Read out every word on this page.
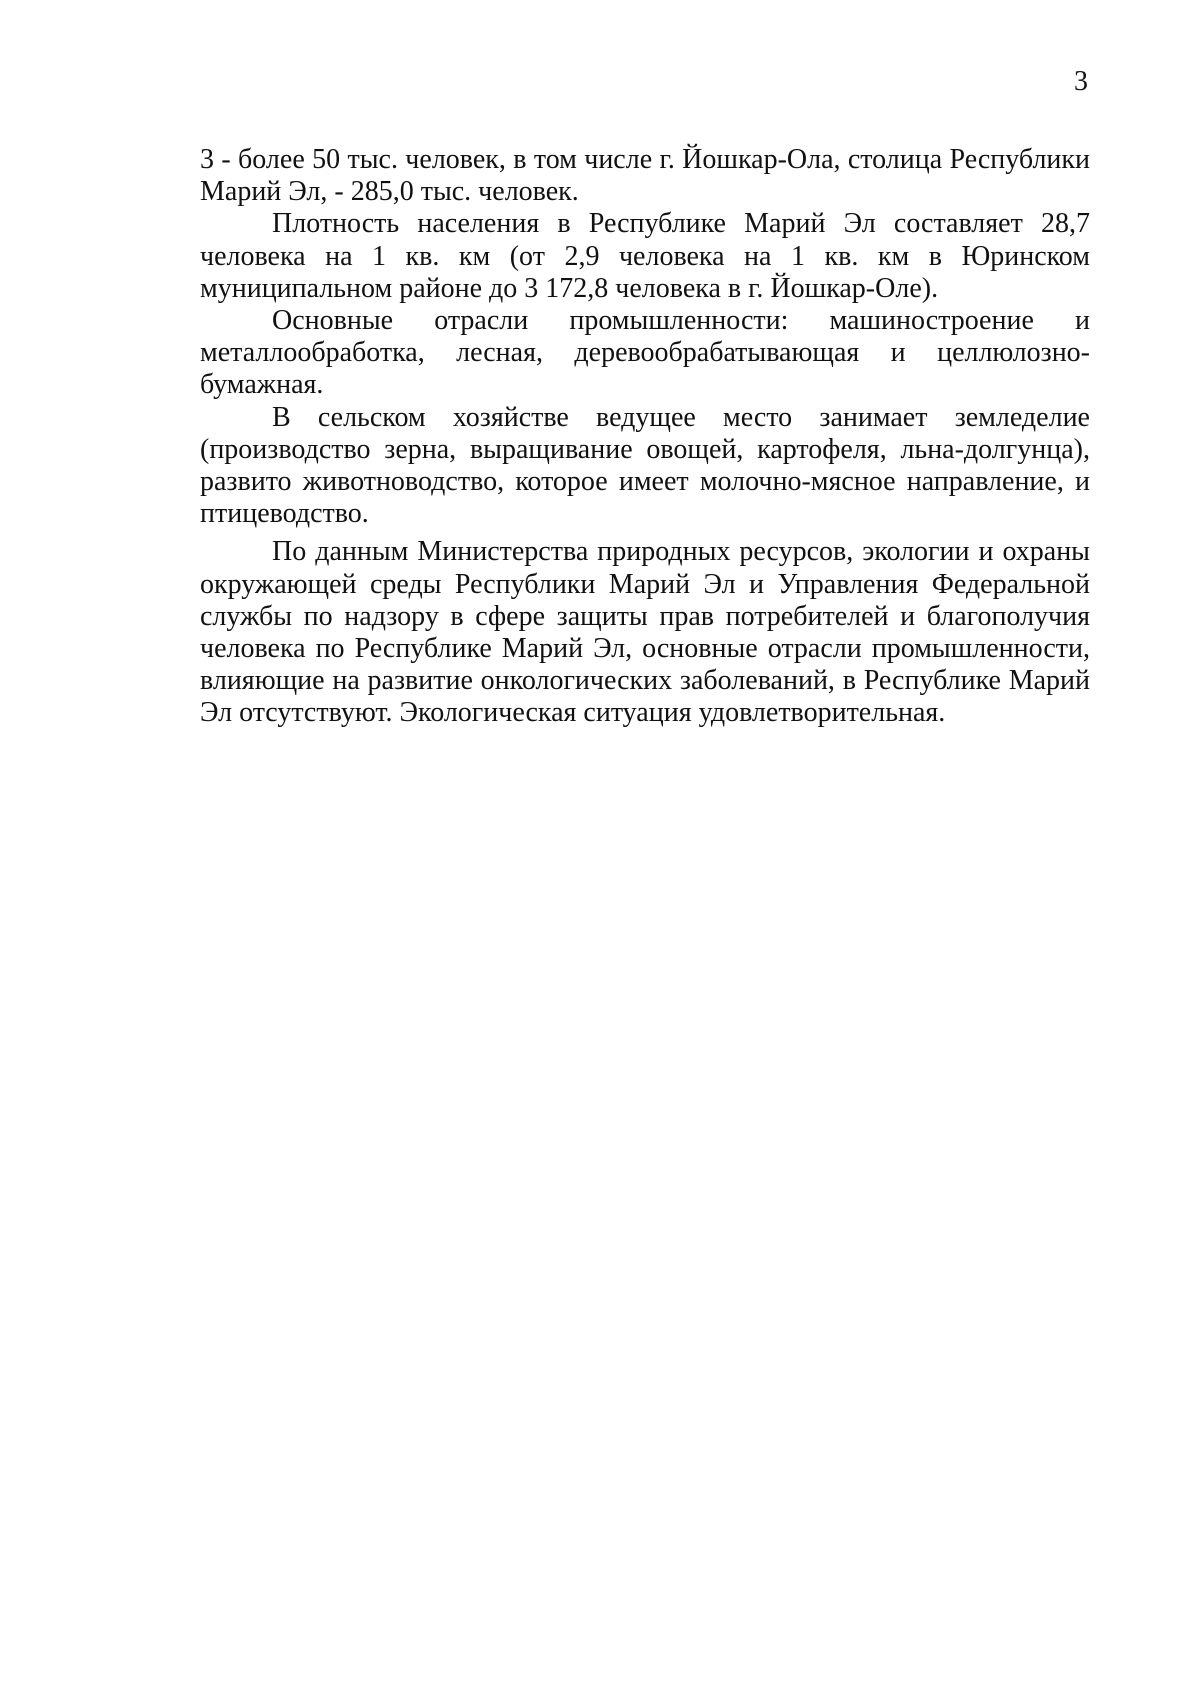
3

3 - более 50 тыс. человек, в том числе г. Йошкар-Ола, столица Республики Марий Эл, - 285,0 тыс. человек.

Плотность населения в Республике Марий Эл составляет 28,7 человека на 1 кв. км (от 2,9 человека на 1 кв. км в Юринском муниципальном районе до 3 172,8 человека в г. Йошкар-Оле).

Основные отрасли промышленности: машиностроение и металлообработка, лесная, деревообрабатывающая и целлюлозно-бумажная.

В сельском хозяйстве ведущее место занимает земледелие (производство зерна, выращивание овощей, картофеля, льна-долгунца), развито животноводство, которое имеет молочно-мясное направление, и птицеводство.

По данным Министерства природных ресурсов, экологии и охраны окружающей среды Республики Марий Эл и Управления Федеральной службы по надзору в сфере защиты прав потребителей и благополучия человека по Республике Марий Эл, основные отрасли промышленности, влияющие на развитие онкологических заболеваний, в Республике Марий Эл отсутствуют. Экологическая ситуация удовлетворительная.
